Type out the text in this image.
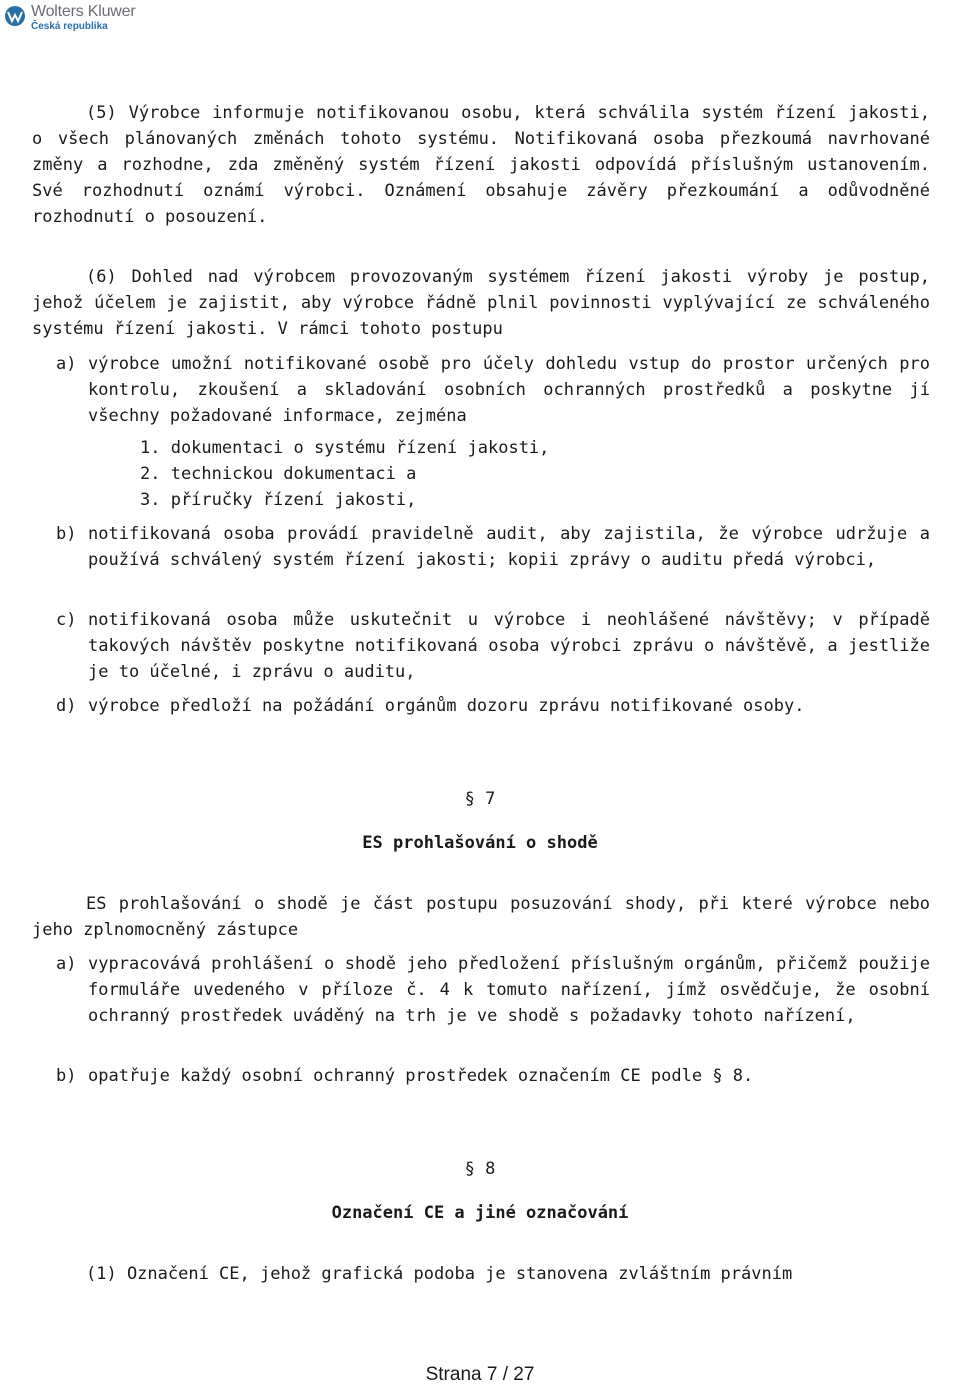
Wolters Kluwer
Česká republika
(5) Výrobce informuje notifikovanou osobu, která schválila systém řízení jakosti, o všech plánovaných změnách tohoto systému. Notifikovaná osoba přezkoumá navrhované změny a rozhodne, zda změněný systém řízení jakosti odpovídá příslušným ustanovením. Své rozhodnutí oznámí výrobci. Oznámení obsahuje závěry přezkoumání a odůvodněné rozhodnutí o posouzení.
(6) Dohled nad výrobcem provozovaným systémem řízení jakosti výroby je postup, jehož účelem je zajistit, aby výrobce řádně plnil povinnosti vyplývající ze schváleného systému řízení jakosti. V rámci tohoto postupu
a) výrobce umožní notifikované osobě pro účely dohledu vstup do prostor určených pro kontrolu, zkoušení a skladování osobních ochranných prostředků a poskytne jí všechny požadované informace, zejména
1. dokumentaci o systému řízení jakosti,
2. technickou dokumentaci a
3. příručky řízení jakosti,
b) notifikovaná osoba provádí pravidelně audit, aby zajistila, že výrobce udržuje a používá schválený systém řízení jakosti; kopii zprávy o auditu předá výrobci,
c) notifikovaná osoba může uskutečnit u výrobce i neohlášené návštěvy; v případě takových návštěv poskytne notifikovaná osoba výrobci zprávu o návštěvě, a jestliže je to účelné, i zprávu o auditu,
d) výrobce předloží na požádání orgánům dozoru zprávu notifikované osoby.
§ 7
ES prohlašování o shodě
ES prohlašování o shodě je část postupu posuzování shody, při které výrobce nebo jeho zplnomocněný zástupce
a) vypracovává prohlášení o shodě jeho předložení příslušným orgánům, přičemž použije formuláře uvedeného v příloze č. 4 k tomuto nařízení, jímž osvědčuje, že osobní ochranný prostředek uváděný na trh je ve shodě s požadavky tohoto nařízení,
b) opatřuje každý osobní ochranný prostředek označením CE podle § 8.
§ 8
Označení CE a jiné označování
(1) Označení CE, jehož grafická podoba je stanovena zvláštním právním
Strana 7 / 27
